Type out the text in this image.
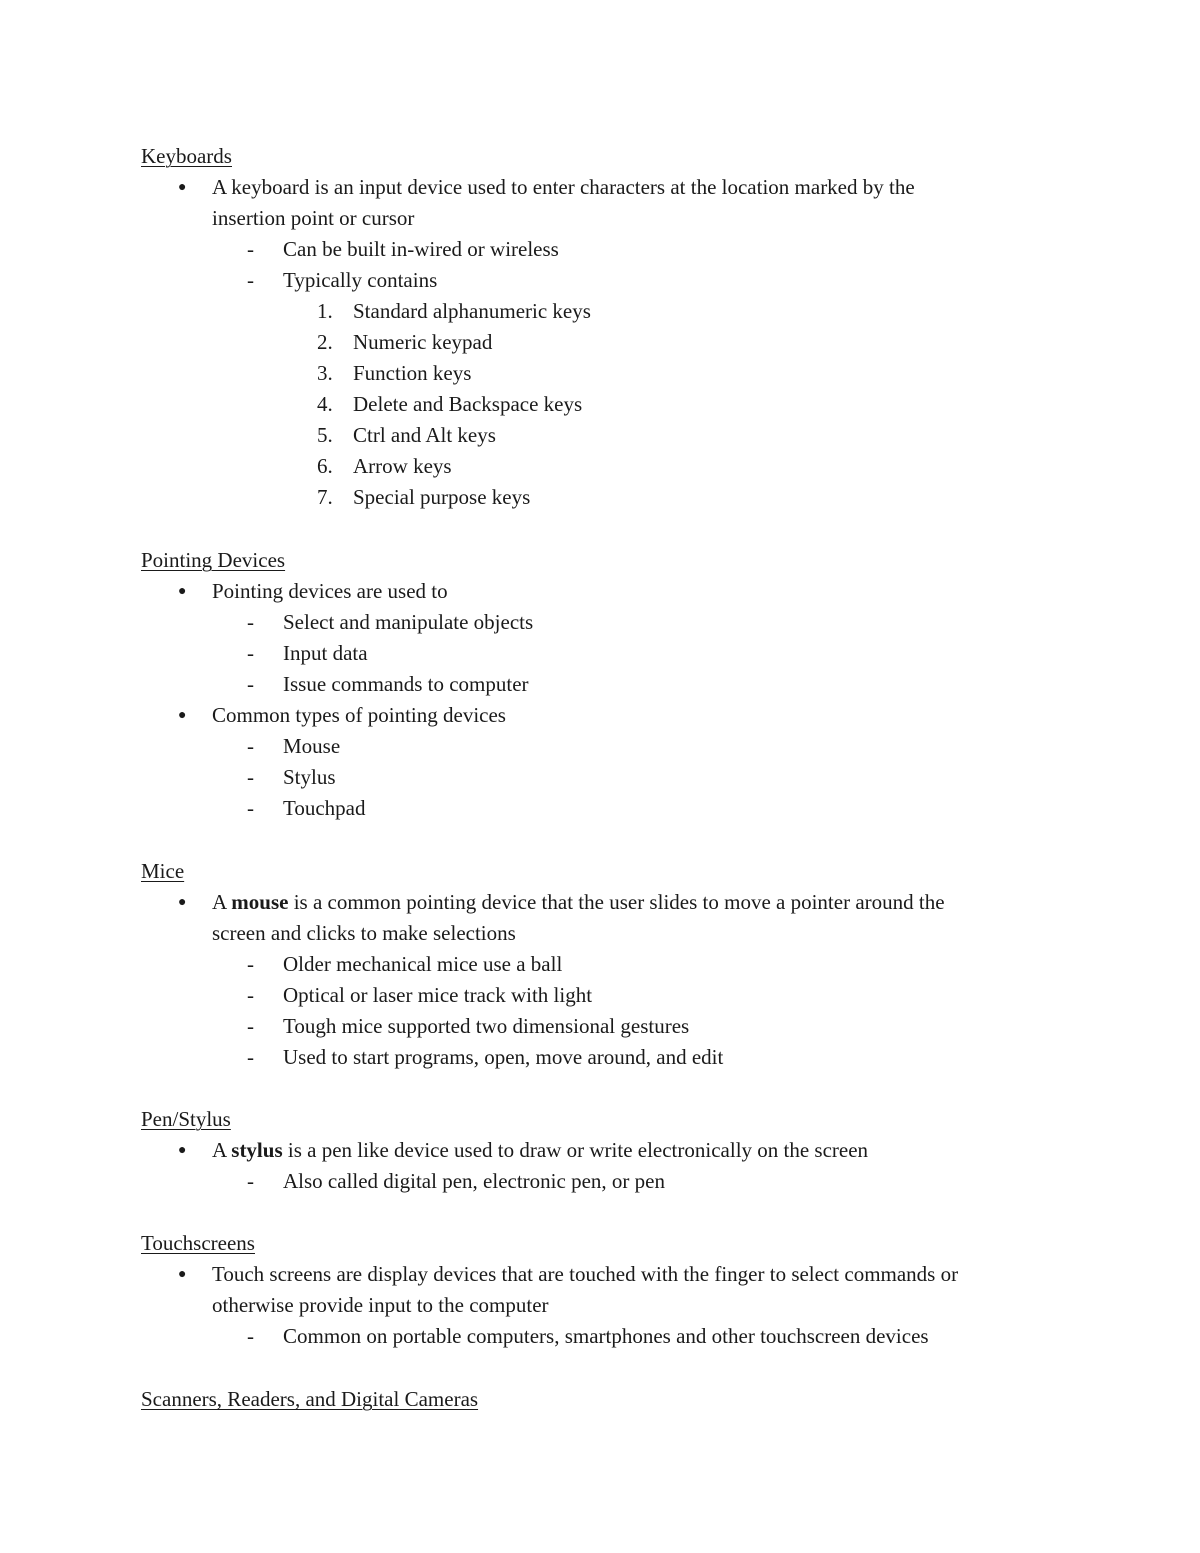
Keyboards
● A keyboard is an input device used to enter characters at the location marked by the
insertion point or cursor
- Can be built in-wired or wireless
- Typically contains
1. Standard alphanumeric keys
2. Numeric keypad
3. Function keys
4. Delete and Backspace keys
5. Ctrl and Alt keys
6. Arrow keys
7. Special purpose keys
Pointing Devices
● Pointing devices are used to
- Select and manipulate objects
- Input data
- Issue commands to computer
● Common types of pointing devices
- Mouse
- Stylus
- Touchpad
Mice
● A mouse is a common pointing device that the user slides to move a pointer around the
screen and clicks to make selections
- Older mechanical mice use a ball
- Optical or laser mice track with light
- Tough mice supported two dimensional gestures
- Used to start programs, open, move around, and edit
Pen/Stylus
● A stylus is a pen like device used to draw or write electronically on the screen
- Also called digital pen, electronic pen, or pen
Touchscreens
● Touch screens are display devices that are touched with the finger to select commands or
otherwise provide input to the computer
- Common on portable computers, smartphones and other touchscreen devices
Scanners, Readers, and Digital Cameras
